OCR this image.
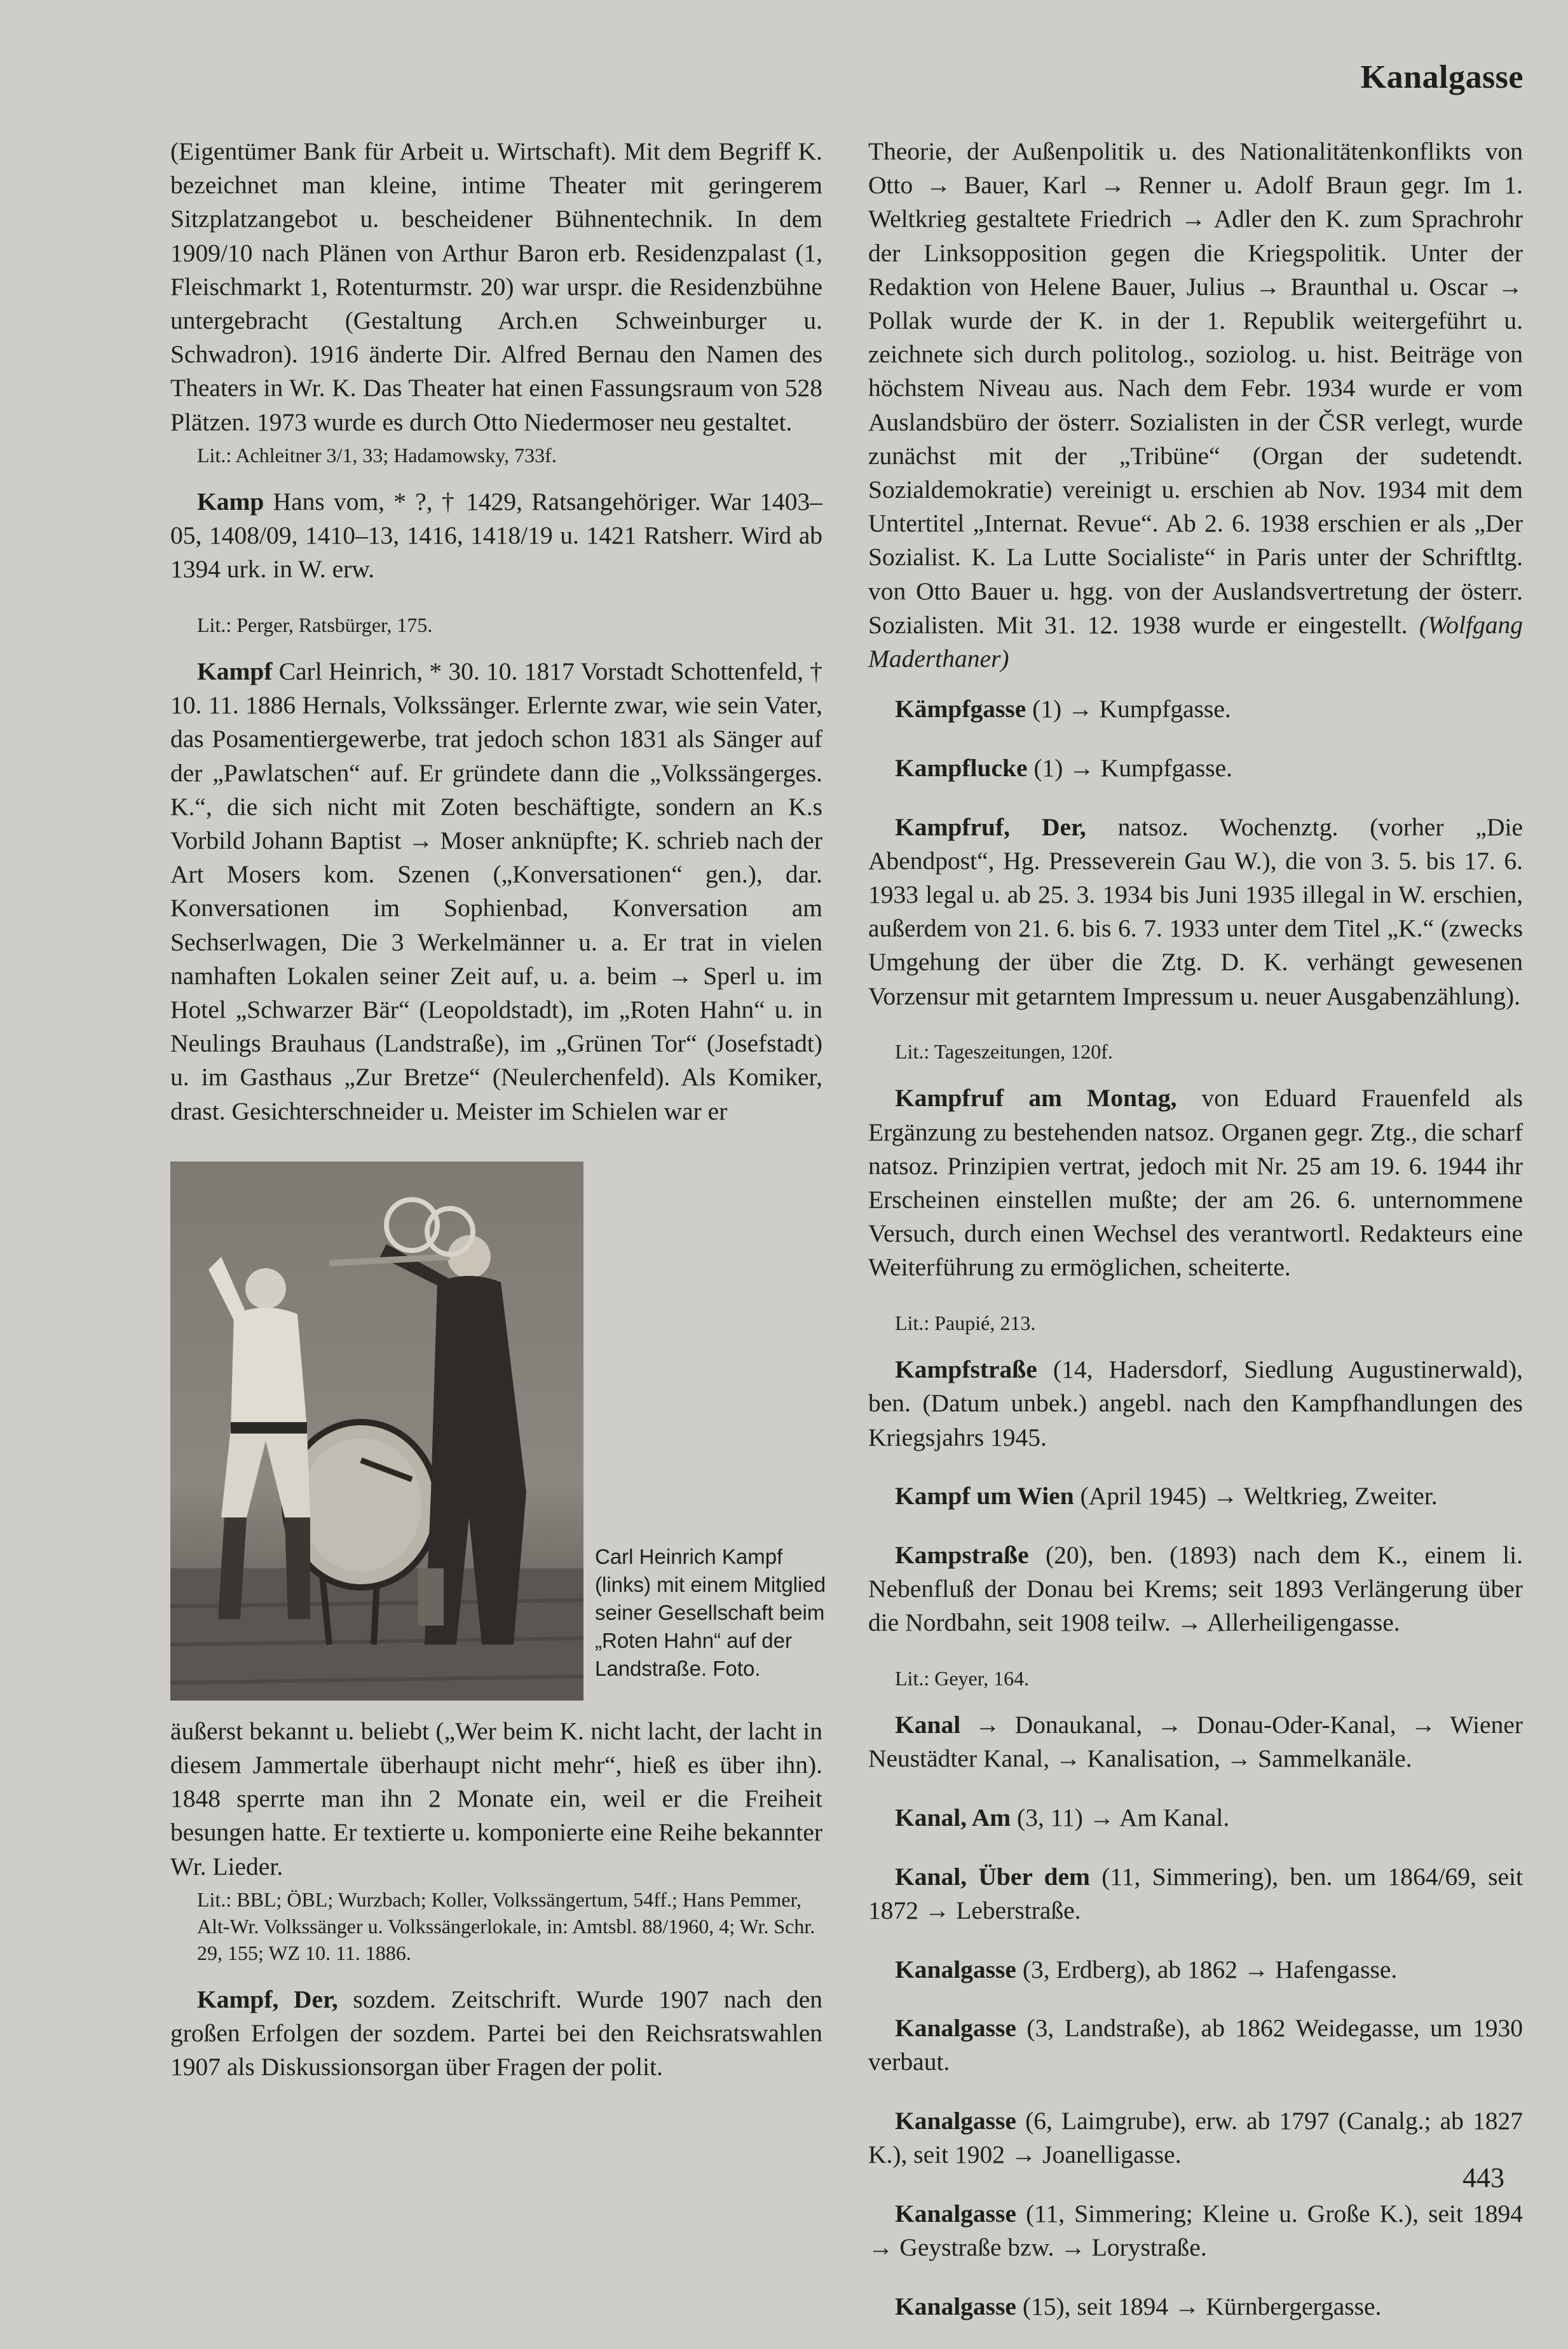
Kanalgasse

(Eigentümer Bank für Arbeit u. Wirtschaft). Mit dem Begriff K. bezeichnet man kleine, intime Theater mit geringerem Sitzplatzangebot u. bescheidener Bühnentechnik. In dem 1909/10 nach Plänen von Arthur Baron erb. Residenzpalast (1, Fleischmarkt 1, Rotenturmstr. 20) war urspr. die Residenzbühne untergebracht (Gestaltung Arch.en Schweinburger u. Schwadron). 1916 änderte Dir. Alfred Bernau den Namen des Theaters in Wr. K. Das Theater hat einen Fassungsraum von 528 Plätzen. 1973 wurde es durch Otto Niedermoser neu gestaltet.

Lit.: Achleitner 3/1, 33; Hadamowsky, 733f.

Kamp Hans vom, * ?, † 1429, Ratsangehöriger. War 1403–05, 1408/09, 1410–13, 1416, 1418/19 u. 1421 Ratsherr. Wird ab 1394 urk. in W. erw.

Lit.: Perger, Ratsbürger, 175.

Kampf Carl Heinrich, * 30. 10. 1817 Vorstadt Schottenfeld, † 10. 11. 1886 Hernals, Volkssänger. Erlernte zwar, wie sein Vater, das Posamentiergewerbe, trat jedoch schon 1831 als Sänger auf der „Pawlatschen“ auf. Er gründete dann die „Volkssängerges. K.“, die sich nicht mit Zoten beschäftigte, sondern an K.s Vorbild Johann Baptist → Moser anknüpfte; K. schrieb nach der Art Mosers kom. Szenen („Konversationen“ gen.), dar. Konversationen im Sophienbad, Konversation am Sechserlwagen, Die 3 Werkelmänner u. a. Er trat in vielen namhaften Lokalen seiner Zeit auf, u. a. beim → Sperl u. im Hotel „Schwarzer Bär“ (Leopoldstadt), im „Roten Hahn“ u. in Neulings Brauhaus (Landstraße), im „Grünen Tor“ (Josefstadt) u. im Gasthaus „Zur Bretze“ (Neulerchenfeld). Als Komiker, drast. Gesichterschneider u. Meister im Schielen war er

Carl Heinrich Kampf (links) mit einem Mitglied seiner Gesellschaft beim „Roten Hahn“ auf der Landstraße. Foto.

äußerst bekannt u. beliebt („Wer beim K. nicht lacht, der lacht in diesem Jammertale überhaupt nicht mehr“, hieß es über ihn). 1848 sperrte man ihn 2 Monate ein, weil er die Freiheit besungen hatte. Er textierte u. komponierte eine Reihe bekannter Wr. Lieder.

Lit.: BBL; ÖBL; Wurzbach; Koller, Volkssängertum, 54ff.; Hans Pemmer, Alt-Wr. Volkssänger u. Volkssängerlokale, in: Amtsbl. 88/1960, 4; Wr. Schr. 29, 155; WZ 10. 11. 1886.

Kampf, Der, sozdem. Zeitschrift. Wurde 1907 nach den großen Erfolgen der sozdem. Partei bei den Reichsratswahlen 1907 als Diskussionsorgan über Fragen der polit.

Theorie, der Außenpolitik u. des Nationalitätenkonflikts von Otto → Bauer, Karl → Renner u. Adolf Braun gegr. Im 1. Weltkrieg gestaltete Friedrich → Adler den K. zum Sprachrohr der Linksopposition gegen die Kriegspolitik. Unter der Redaktion von Helene Bauer, Julius → Braunthal u. Oscar → Pollak wurde der K. in der 1. Republik weitergeführt u. zeichnete sich durch politolog., soziolog. u. hist. Beiträge von höchstem Niveau aus. Nach dem Febr. 1934 wurde er vom Auslandsbüro der österr. Sozialisten in der ČSR verlegt, wurde zunächst mit der „Tribüne“ (Organ der sudetendt. Sozialdemokratie) vereinigt u. erschien ab Nov. 1934 mit dem Untertitel „Internat. Revue“. Ab 2. 6. 1938 erschien er als „Der Sozialist. K. La Lutte Socialiste“ in Paris unter der Schriftltg. von Otto Bauer u. hgg. von der Auslandsvertretung der österr. Sozialisten. Mit 31. 12. 1938 wurde er eingestellt. (Wolfgang Maderthaner)

Kämpfgasse (1) → Kumpfgasse.

Kampflucke (1) → Kumpfgasse.

Kampfruf, Der, natsoz. Wochenztg. (vorher „Die Abendpost“, Hg. Presseverein Gau W.), die von 3. 5. bis 17. 6. 1933 legal u. ab 25. 3. 1934 bis Juni 1935 illegal in W. erschien, außerdem von 21. 6. bis 6. 7. 1933 unter dem Titel „K.“ (zwecks Umgehung der über die Ztg. D. K. verhängt gewesenen Vorzensur mit getarntem Impressum u. neuer Ausgabenzählung).

Lit.: Tageszeitungen, 120f.

Kampfruf am Montag, von Eduard Frauenfeld als Ergänzung zu bestehenden natsoz. Organen gegr. Ztg., die scharf natsoz. Prinzipien vertrat, jedoch mit Nr. 25 am 19. 6. 1944 ihr Erscheinen einstellen mußte; der am 26. 6. unternommene Versuch, durch einen Wechsel des verantwortl. Redakteurs eine Weiterführung zu ermöglichen, scheiterte.

Lit.: Paupié, 213.

Kampfstraße (14, Hadersdorf, Siedlung Augustinerwald), ben. (Datum unbek.) angebl. nach den Kampfhandlungen des Kriegsjahrs 1945.

Kampf um Wien (April 1945) → Weltkrieg, Zweiter.

Kampstraße (20), ben. (1893) nach dem K., einem li. Nebenfluß der Donau bei Krems; seit 1893 Verlängerung über die Nordbahn, seit 1908 teilw. → Allerheiligengasse.

Lit.: Geyer, 164.

Kanal → Donaukanal, → Donau-Oder-Kanal, → Wiener Neustädter Kanal, → Kanalisation, → Sammelkanäle.

Kanal, Am (3, 11) → Am Kanal.

Kanal, Über dem (11, Simmering), ben. um 1864/69, seit 1872 → Leberstraße.

Kanalgasse (3, Erdberg), ab 1862 → Hafengasse.

Kanalgasse (3, Landstraße), ab 1862 Weidegasse, um 1930 verbaut.

Kanalgasse (6, Laimgrube), erw. ab 1797 (Canalg.; ab 1827 K.), seit 1902 → Joanelligasse.

Kanalgasse (11, Simmering; Kleine u. Große K.), seit 1894 → Geystraße bzw. → Lorystraße.

Kanalgasse (15), seit 1894 → Kürnbergergasse.

443
